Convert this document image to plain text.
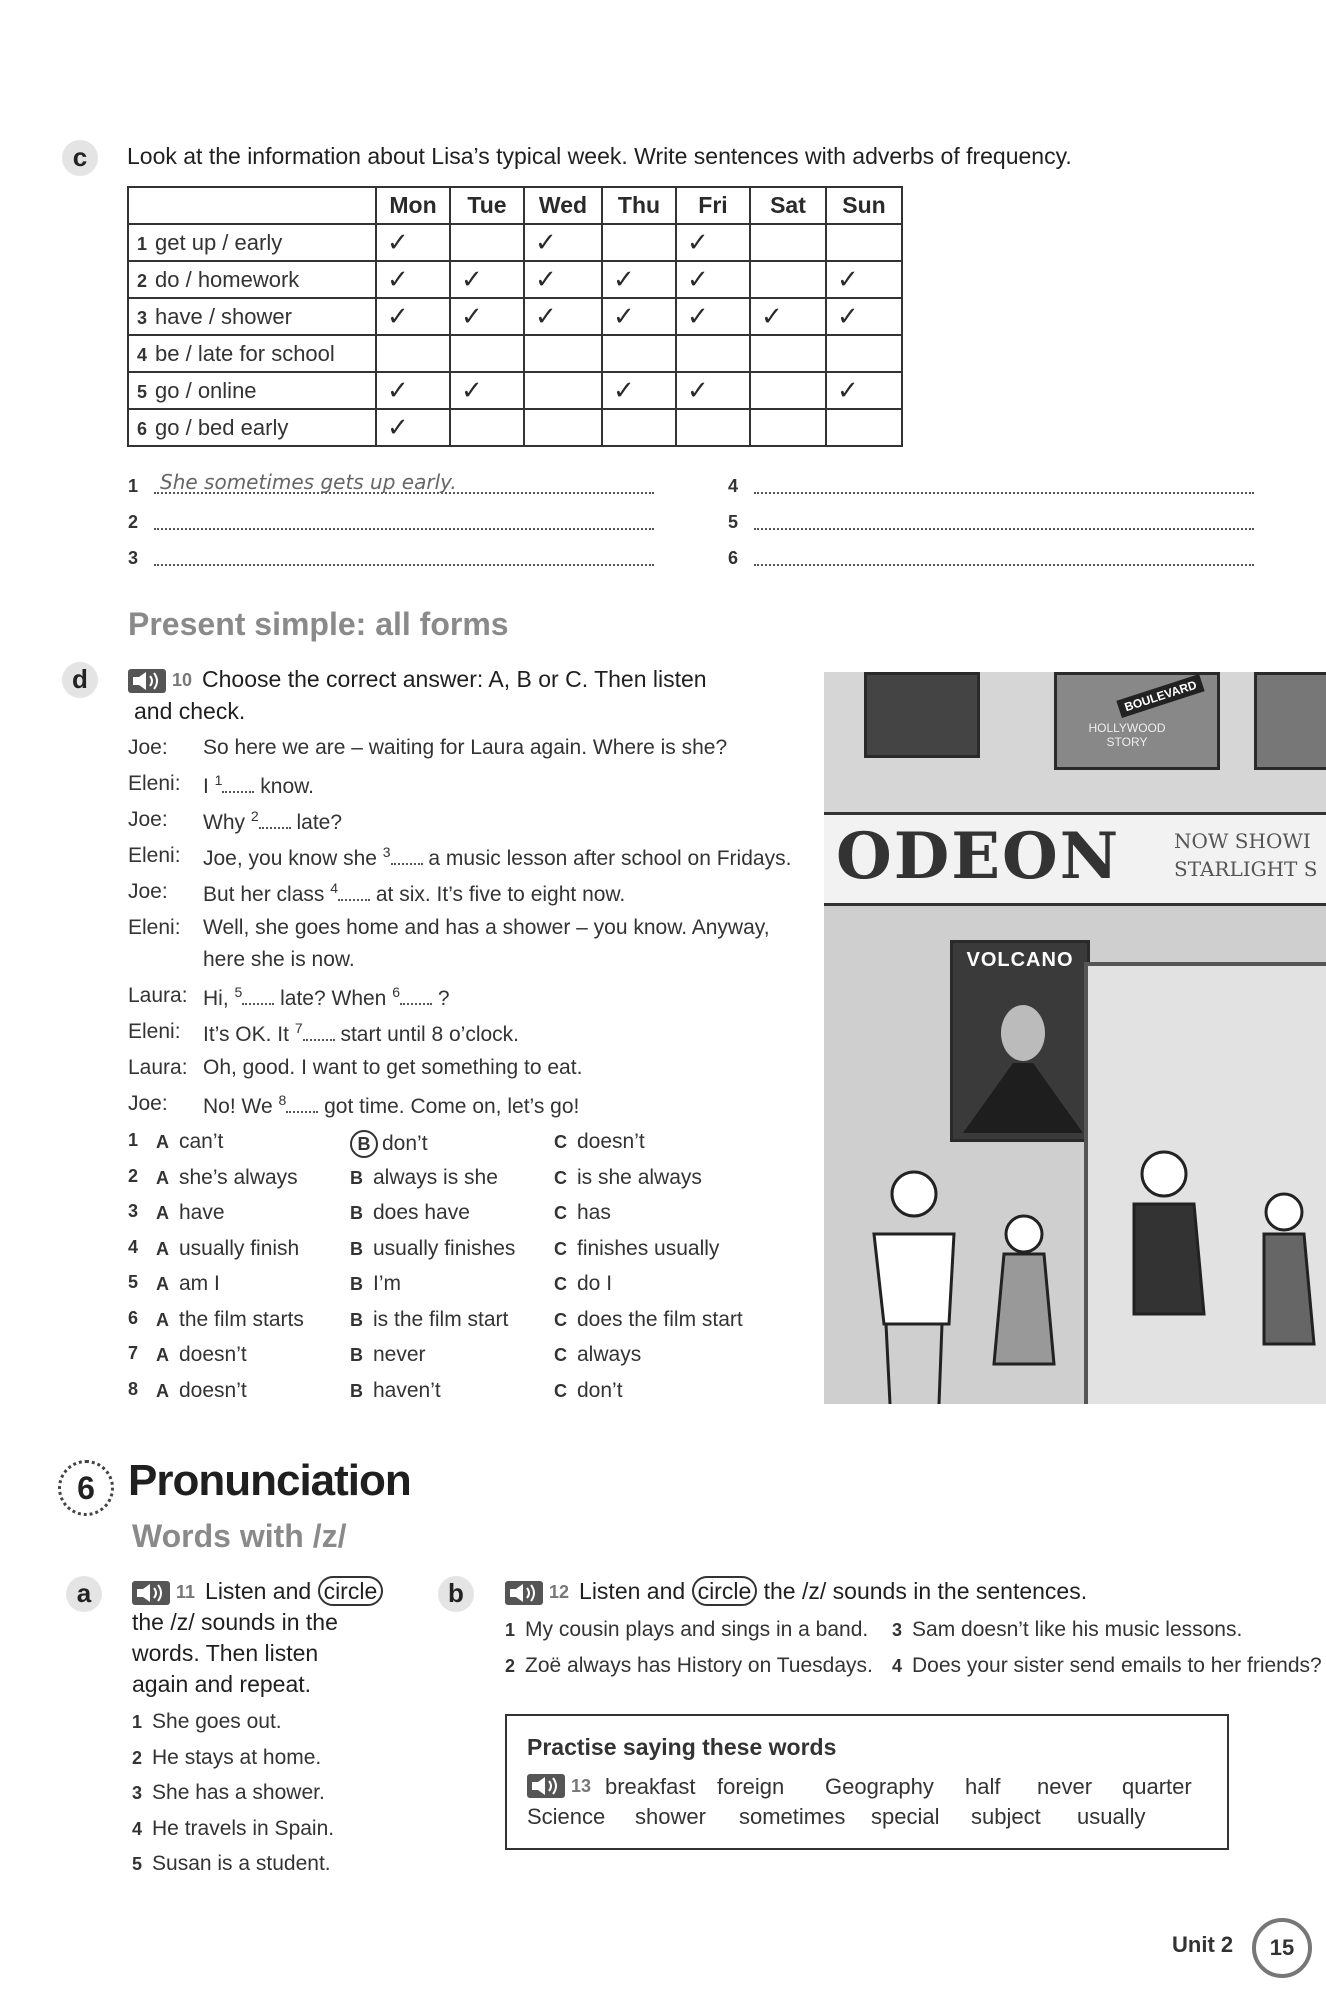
c	Look at the information about Lisa’s typical week. Write sentences with adverbs of frequency.
	Mon	Tue	Wed	Thu	Fri	Sat	Sun
1 get up / early	✓		✓		✓		
2 do / homework	✓	✓	✓	✓	✓		✓
3 have / shower	✓	✓	✓	✓	✓	✓	✓
4 be / late for school							
5 go / online	✓	✓		✓	✓		✓
6 go / bed early	✓						
1 She sometimes gets up early.
2
3
4
5
6
Present simple: all forms
d	10 Choose the correct answer: A, B or C. Then listen
and check.
Joe: So here we are – waiting for Laura again. Where is she?
Eleni: I $^1$ know.
Joe: Why $^2$ late?
Eleni: Joe, you know she $^3$ a music lesson after school on Fridays.
Joe: But her class $^4$ at six. It’s five to eight now.
Eleni: Well, she goes home and has a shower – you know. Anyway,
here she is now.
Laura: Hi, $^5$ late? When $^6$ ?
Eleni: It’s OK. It $^7$ start until 8 o’clock.
Laura: Oh, good. I want to get something to eat.
Joe: No! We $^8$ got time. Come on, let’s go!
1 A can’t	B don’t	C doesn’t
2 A she’s always	B always is she	C is she always
3 A have	B does have	C has
4 A usually finish	B usually finishes C finishes usually
5 A am I	B I’m	C do I
6 A the film starts	B is the film start	C does the film start
7 A doesn’t	B never	C always
8 A doesn’t	B haven’t	C don’t
BOULEVARD
HOLLYWOOD STORY
ODEON	NOW SHOWI
STARLIGHT S
VOLCANO
6 Pronunciation
Words with /z/
a	11 Listen and circle
the /z/ sounds in the
words. Then listen
again and repeat.
1 She goes out.
2 He stays at home.
3 She has a shower.
4 He travels in Spain.
5 Susan is a student.
b	12 Listen and circle the /z/ sounds in the sentences.
1 My cousin plays and sings in a band.
2 Zoë always has History on Tuesdays.
3 Sam doesn’t like his music lessons.
4 Does your sister send emails to her friends?
Practise saying these words
13 breakfast foreign Geography half never quarter
Science shower sometimes special subject usually
Unit 2	15
